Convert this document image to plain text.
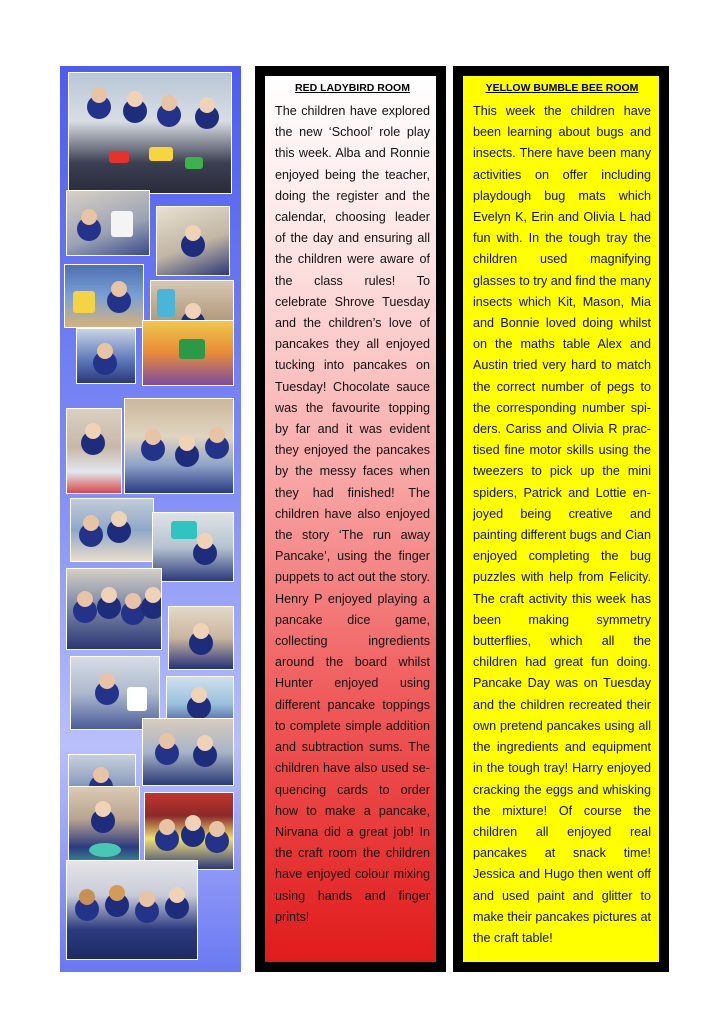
RED LADYBIRD ROOM

The children have explored the new ‘School’ role play this week. Alba and Ronnie enjoyed being the teacher, doing the register and the calendar, choosing leader of the day and ensuring all the children were aware of the class rules! To celebrate Shrove Tuesday and the children’s love of pancakes they all enjoyed tucking into pancakes on Tuesday! Chocolate sauce was the favourite topping by far and it was evident they enjoyed the pancakes by the messy faces when they had finished! The children have also enjoyed the story ‘The run away Pancake’, using the finger puppets to act out the story. Henry P enjoyed playing a pancake dice game, collecting ingredients around the board whilst Hunter enjoyed using different pancake toppings to complete simple addition and subtraction sums. The children have also used sequencing cards to order how to make a pancake, Nirvana did a great job! In the craft room the children have enjoyed colour mixing using hands and finger prints!

YELLOW BUMBLE BEE ROOM

This week the children have been learning about bugs and insects. There have been many activities on offer including playdough bug mats which Evelyn K, Erin and Olivia L had fun with. In the tough tray the children used magnifying glasses to try and find the many insects which Kit, Mason, Mia and Bonnie loved doing whilst on the maths table Alex and Austin tried very hard to match the correct number of pegs to the corresponding number spiders. Cariss and Olivia R practised fine motor skills using the tweezers to pick up the mini spiders, Patrick and Lottie enjoyed being creative and painting different bugs and Cian enjoyed completing the bug puzzles with help from Felicity. The craft activity this week has been making symmetry butterflies, which all the children had great fun doing. Pancake Day was on Tuesday and the children recreated their own pretend pancakes using all the ingredients and equipment in the tough tray! Harry enjoyed cracking the eggs and whisking the mixture! Of course the children all enjoyed real pancakes at snack time! Jessica and Hugo then went off and used paint and glitter to make their pancakes pictures at the craft table!
